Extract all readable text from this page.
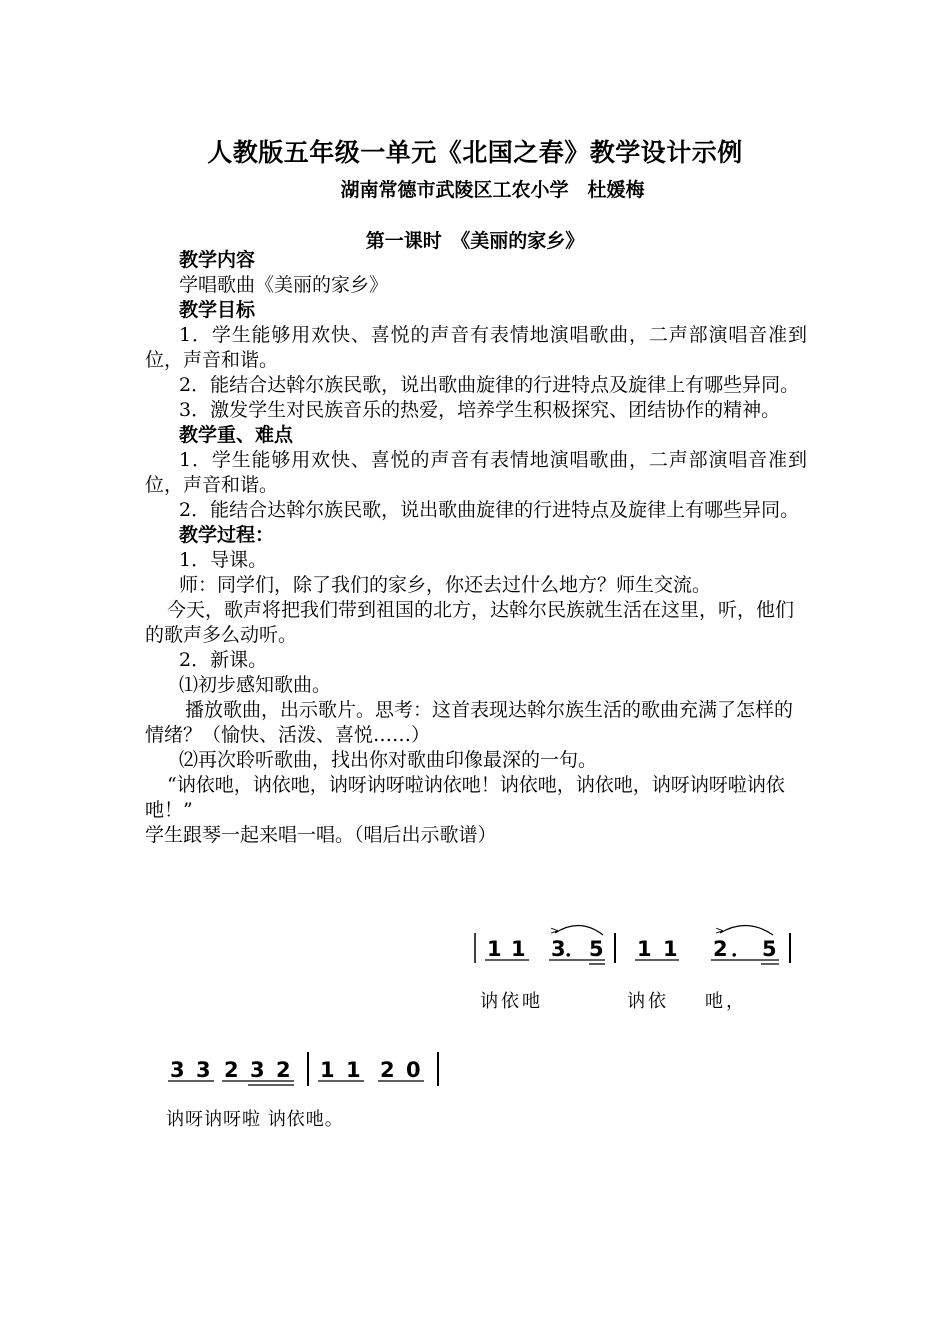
人教版五年级一单元《北国之春》教学设计示例
湖南常德市武陵区工农小学　杜媛梅
第一课时　《美丽的家乡》

教学内容

学唱歌曲《美丽的家乡》

教学目标

1．学生能够用欢快、喜悦的声音有表情地演唱歌曲，二声部演唱音准到位，声音和谐。

2．能结合达斡尔族民歌，说出歌曲旋律的行进特点及旋律上有哪些异同。

3．激发学生对民族音乐的热爱，培养学生积极探究、团结协作的精神。

教学重、难点

1．学生能够用欢快、喜悦的声音有表情地演唱歌曲，二声部演唱音准到位，声音和谐。

2．能结合达斡尔族民歌，说出歌曲旋律的行进特点及旋律上有哪些异同。

教学过程：

1．导课。

师：同学们，除了我们的家乡，你还去过什么地方？师生交流。

今天，歌声将把我们带到祖国的北方，达斡尔民族就生活在这里，听，他们的歌声多么动听。

2．新课。

⑴初步感知歌曲。

播放歌曲，出示歌片。思考：这首表现达斡尔族生活的歌曲充满了怎样的情绪？（愉快、活泼、喜悦……）

⑵再次聆听歌曲，找出你对歌曲印像最深的一句。

“讷依吔，讷依吔，讷呀讷呀啦讷依吔！讷依吔，讷依吔，讷呀讷呀啦讷依吔！”

学生跟琴一起来唱一唱。（唱后出示歌谱）

>	>
1 1 3 ． 5 1 1 2 ． 5
讷依吔	讷依 吔，
3 3 2 3 2 1 1 2 0
讷呀讷呀啦 讷依吔。
